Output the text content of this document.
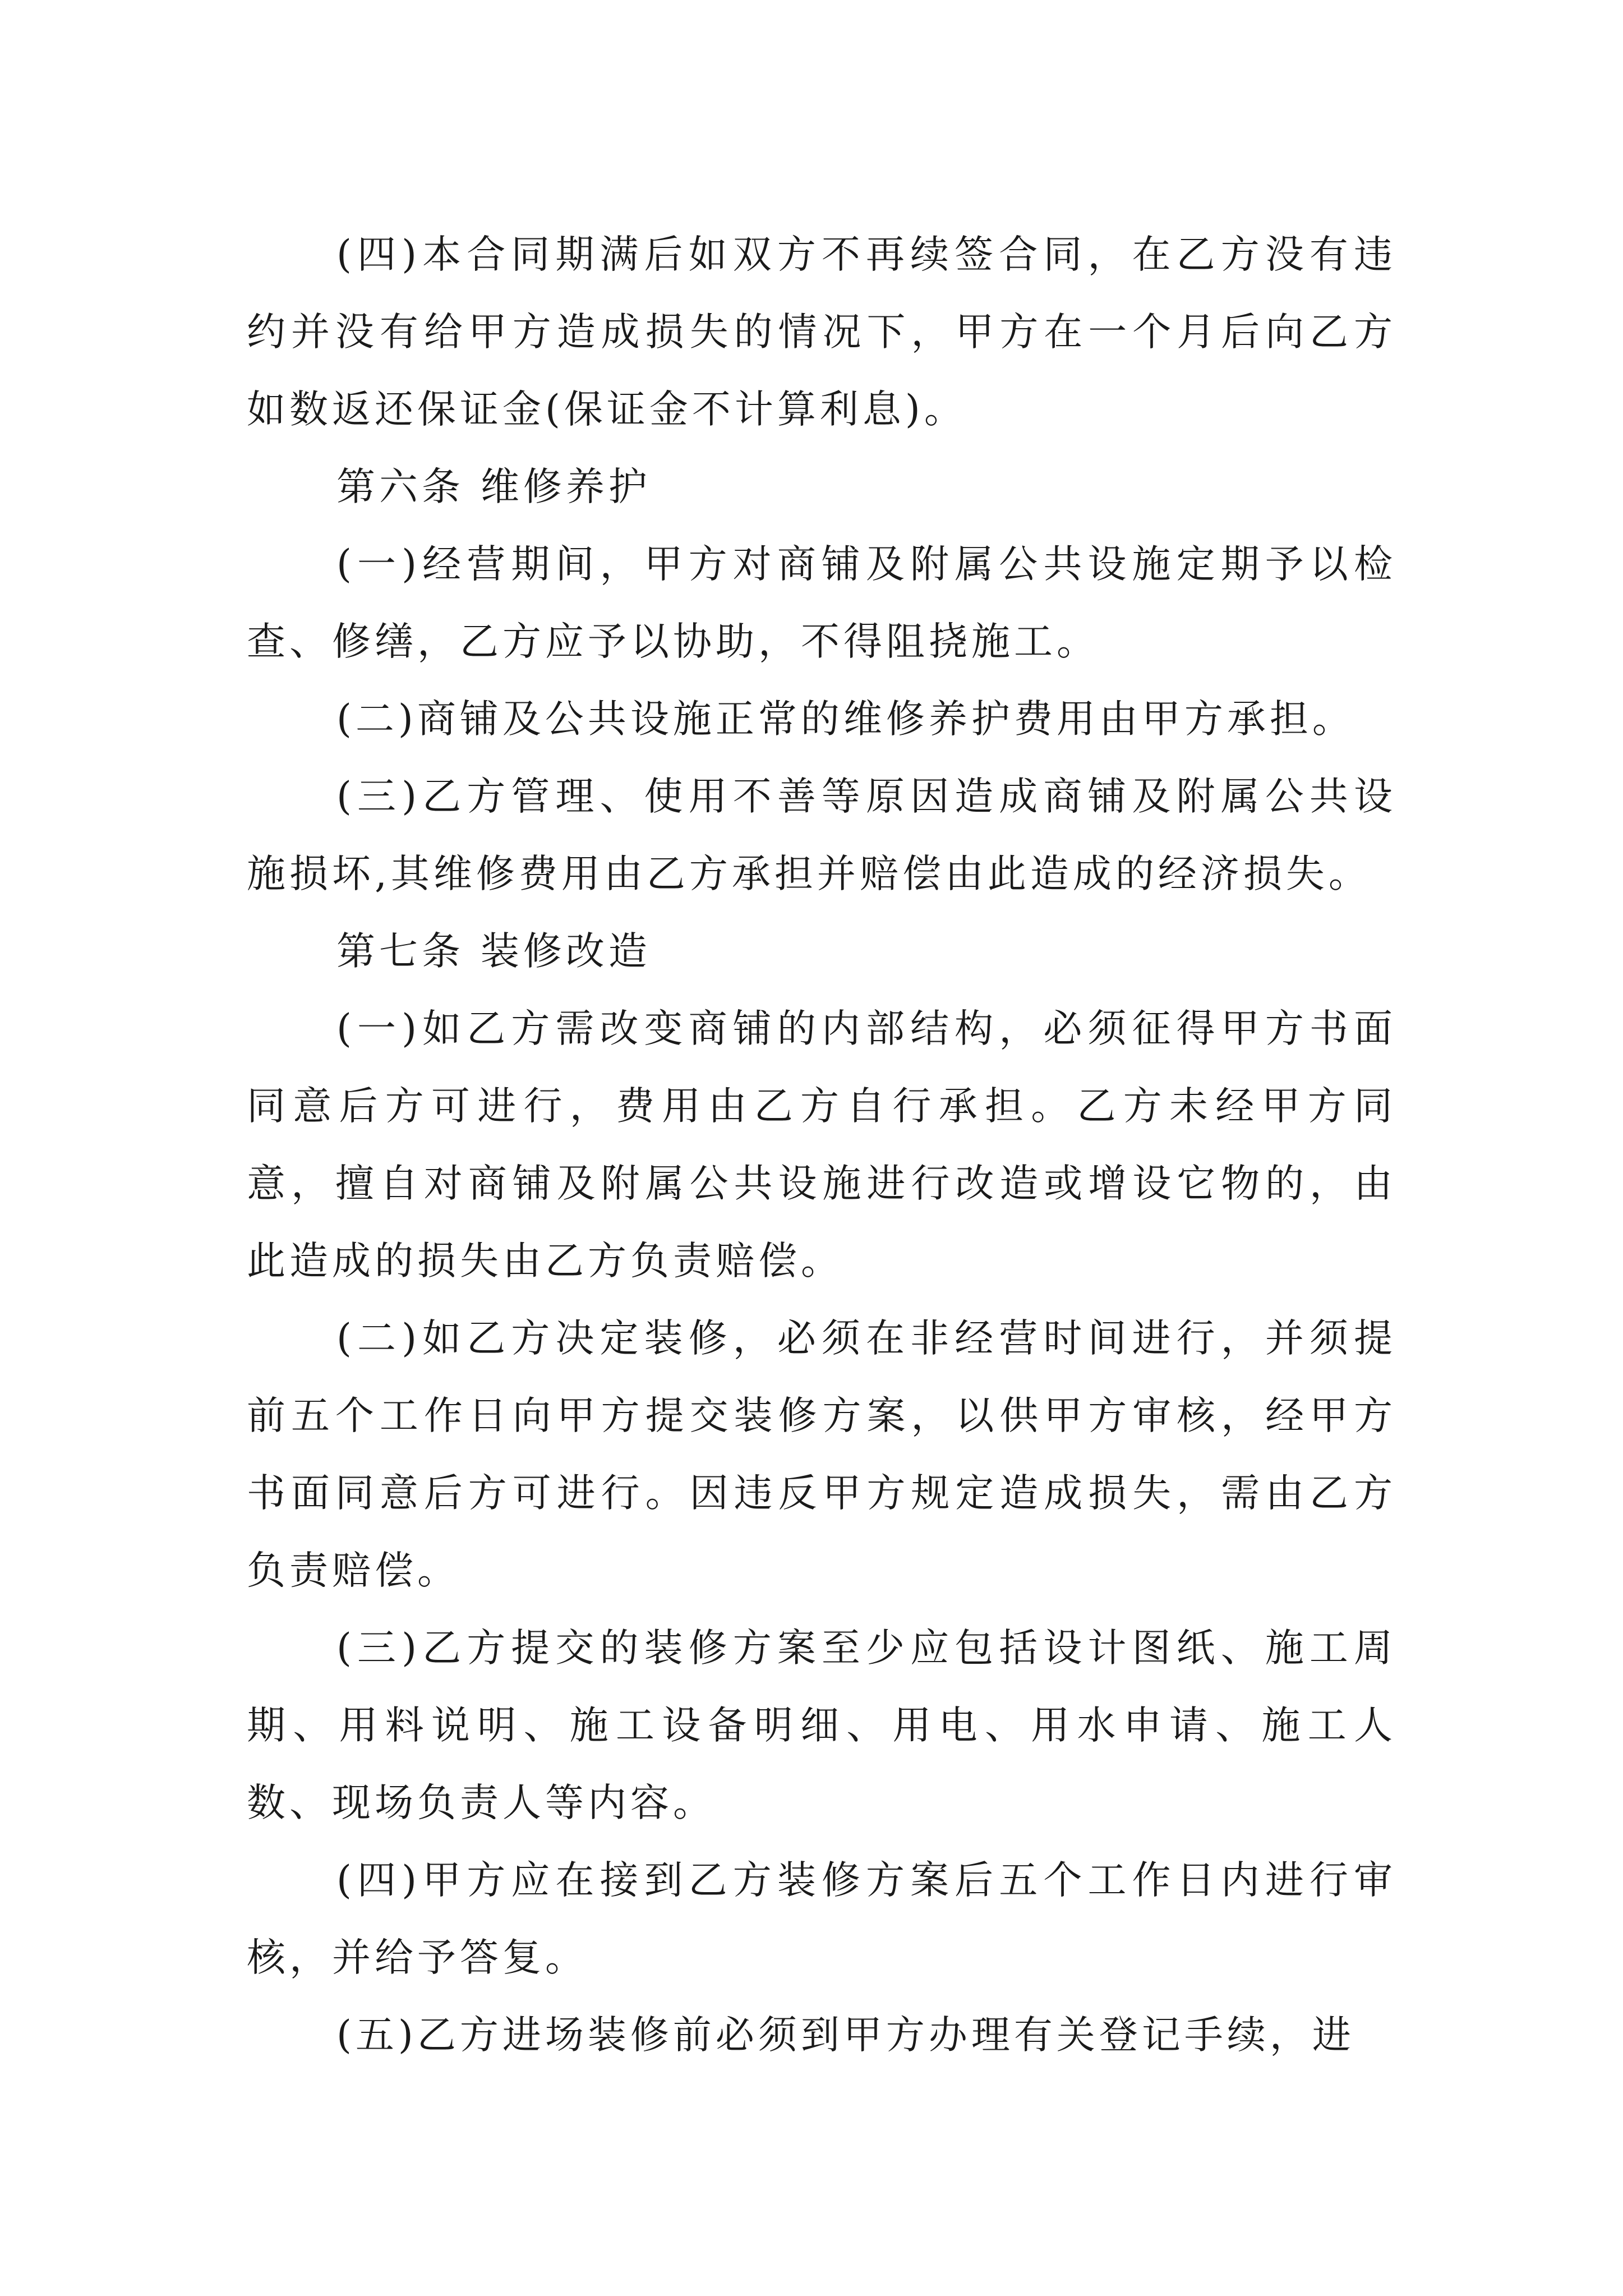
(四)本合同期满后如双方不再续签合同，在乙方没有违约并没有给甲方造成损失的情况下，甲方在一个月后向乙方如数返还保证金(保证金不计算利息)。

第六条 维修养护

(一)经营期间，甲方对商铺及附属公共设施定期予以检查、修缮，乙方应予以协助，不得阻挠施工。

(二)商铺及公共设施正常的维修养护费用由甲方承担。

(三)乙方管理、使用不善等原因造成商铺及附属公共设施损坏,其维修费用由乙方承担并赔偿由此造成的经济损失。

第七条 装修改造

(一)如乙方需改变商铺的内部结构，必须征得甲方书面同意后方可进行，费用由乙方自行承担。乙方未经甲方同意，擅自对商铺及附属公共设施进行改造或增设它物的，由此造成的损失由乙方负责赔偿。

(二)如乙方决定装修，必须在非经营时间进行，并须提前五个工作日向甲方提交装修方案，以供甲方审核，经甲方书面同意后方可进行。因违反甲方规定造成损失，需由乙方负责赔偿。

(三)乙方提交的装修方案至少应包括设计图纸、施工周期、用料说明、施工设备明细、用电、用水申请、施工人数、现场负责人等内容。

(四)甲方应在接到乙方装修方案后五个工作日内进行审核，并给予答复。

(五)乙方进场装修前必须到甲方办理有关登记手续，进
